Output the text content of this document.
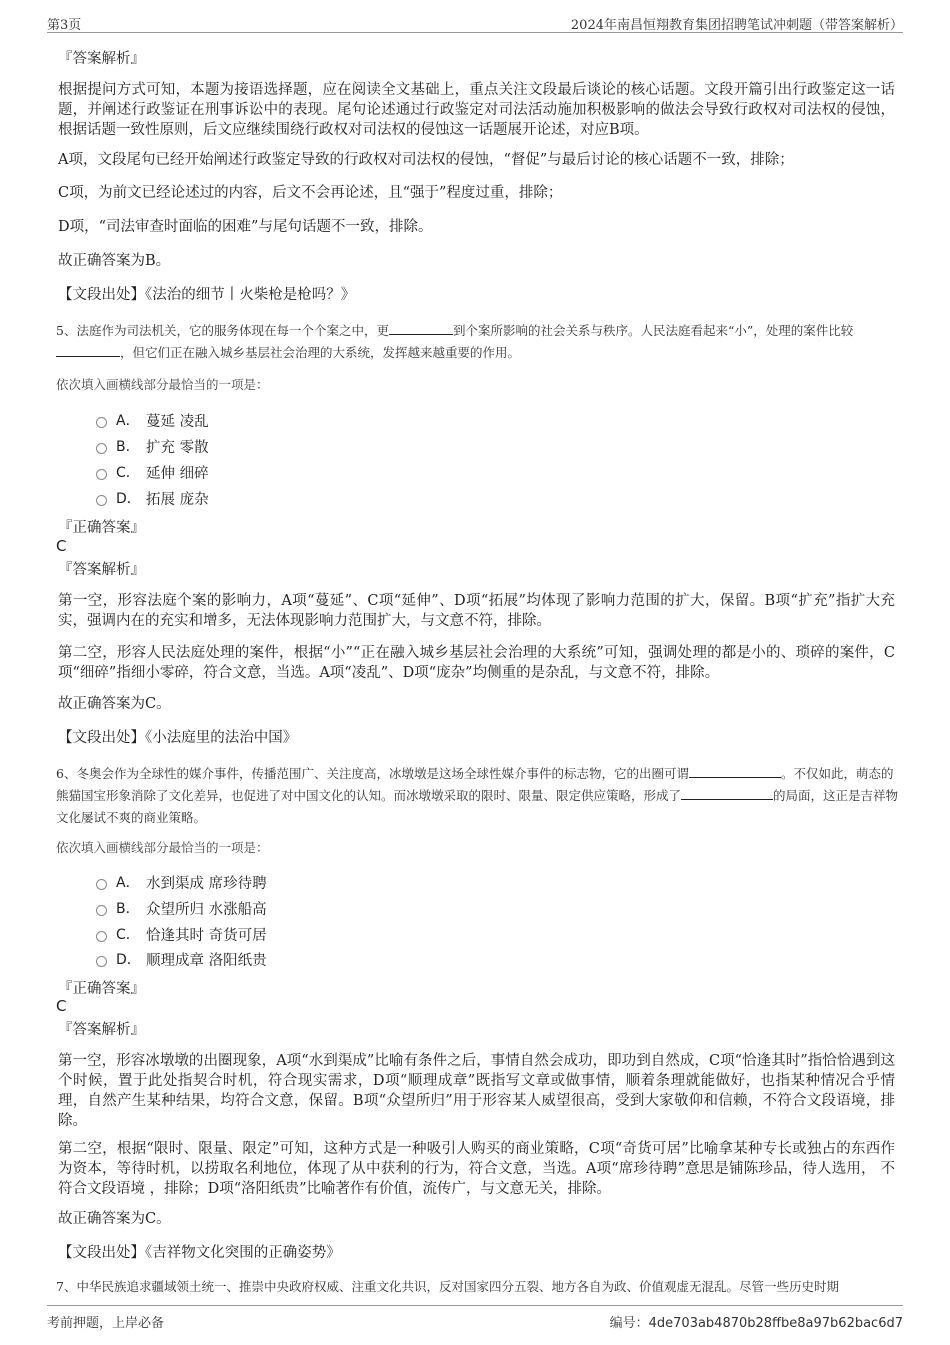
第3页	2024年南昌恒翔教育集团招聘笔试冲刺题（带答案解析）
『答案解析』

根据提问方式可知，本题为接语选择题，应在阅读全文基础上，重点关注文段最后谈论的核心话题。文段开篇引出行政鉴定这一话题，并阐述行政鉴证在刑事诉讼中的表现。尾句论述通过行政鉴定对司法活动施加积极影响的做法会导致行政权对司法权的侵蚀，根据话题一致性原则，后文应继续围绕行政权对司法权的侵蚀这一话题展开论述，对应B项。

A项，文段尾句已经开始阐述行政鉴定导致的行政权对司法权的侵蚀，“督促”与最后讨论的核心话题不一致，排除；

C项，为前文已经论述过的内容，后文不会再论述，且“强于”程度过重，排除；

D项，“司法审查时面临的困难”与尾句话题不一致，排除。

故正确答案为B。

【文段出处】《法治的细节丨火柴枪是枪吗？》

5、法庭作为司法机关，它的服务体现在每一个个案之中，更	到个案所影响的社会关系与秩序。人民法庭看起来“小”，处理的案件比较，但它们正在融入城乡基层社会治理的大系统，发挥越来越重要的作用。

依次填入画横线部分最恰当的一项是：
A． 蔓延 凌乱
B． 扩充 零散
C． 延伸 细碎
D． 拓展 庞杂
『正确答案』
C
『答案解析』

第一空，形容法庭个案的影响力，A项“蔓延”、C项“延伸”、D项“拓展”均体现了影响力范围的扩大，保留。B项“扩充”指扩大充实，强调内在的充实和增多，无法体现影响力范围扩大，与文意不符，排除。

第二空，形容人民法庭处理的案件，根据“小”“正在融入城乡基层社会治理的大系统”可知，强调处理的都是小的、琐碎的案件，C项“细碎”指细小零碎，符合文意，当选。A项“凌乱”、D项“庞杂”均侧重的是杂乱，与文意不符，排除。

故正确答案为C。

【文段出处】《小法庭里的法治中国》

6、冬奥会作为全球性的媒介事件，传播范围广、关注度高，冰墩墩是这场全球性媒介事件的标志物，它的出圈可谓	。不仅如此，萌态的熊猫国宝形象消除了文化差异，也促进了对中国文化的认知。而冰墩墩采取的限时、限量、限定供应策略，形成了	的局面，这正是吉祥物文化屡试不爽的商业策略。

依次填入画横线部分最恰当的一项是：
A． 水到渠成 席珍待聘
B． 众望所归 水涨船高
C． 恰逢其时 奇货可居
D． 顺理成章 洛阳纸贵
『正确答案』
C
『答案解析』

第一空，形容冰墩墩的出圈现象，A项“水到渠成”比喻有条件之后，事情自然会成功，即功到自然成，C项“恰逢其时”指恰恰遇到这个时候，置于此处指契合时机，符合现实需求，D项“顺理成章”既指写文章或做事情，顺着条理就能做好，也指某种情况合乎情理，自然产生某种结果，均符合文意，保留。B项“众望所归”用于形容某人威望很高，受到大家敬仰和信赖，不符合文段语境，排除。

第二空，根据“限时、限量、限定”可知，这种方式是一种吸引人购买的商业策略，C项“奇货可居”比喻拿某种专长或独占的东西作为资本，等待时机，以捞取名利地位，体现了从中获利的行为，符合文意，当选。A项“席珍待聘”意思是铺陈珍品，待人选用， 不符合文段语境 ，排除；D项“洛阳纸贵”比喻著作有价值，流传广，与文意无关，排除。

故正确答案为C。

【文段出处】《吉祥物文化突围的正确姿势》

7、中华民族追求疆域领土统一、推崇中央政府权威、注重文化共识，反对国家四分五裂、地方各自为政、价值观虚无混乱。尽管一些历史时期

考前押题，上岸必备	编号：4de703ab4870b28ffbe8a97b62bac6d7
